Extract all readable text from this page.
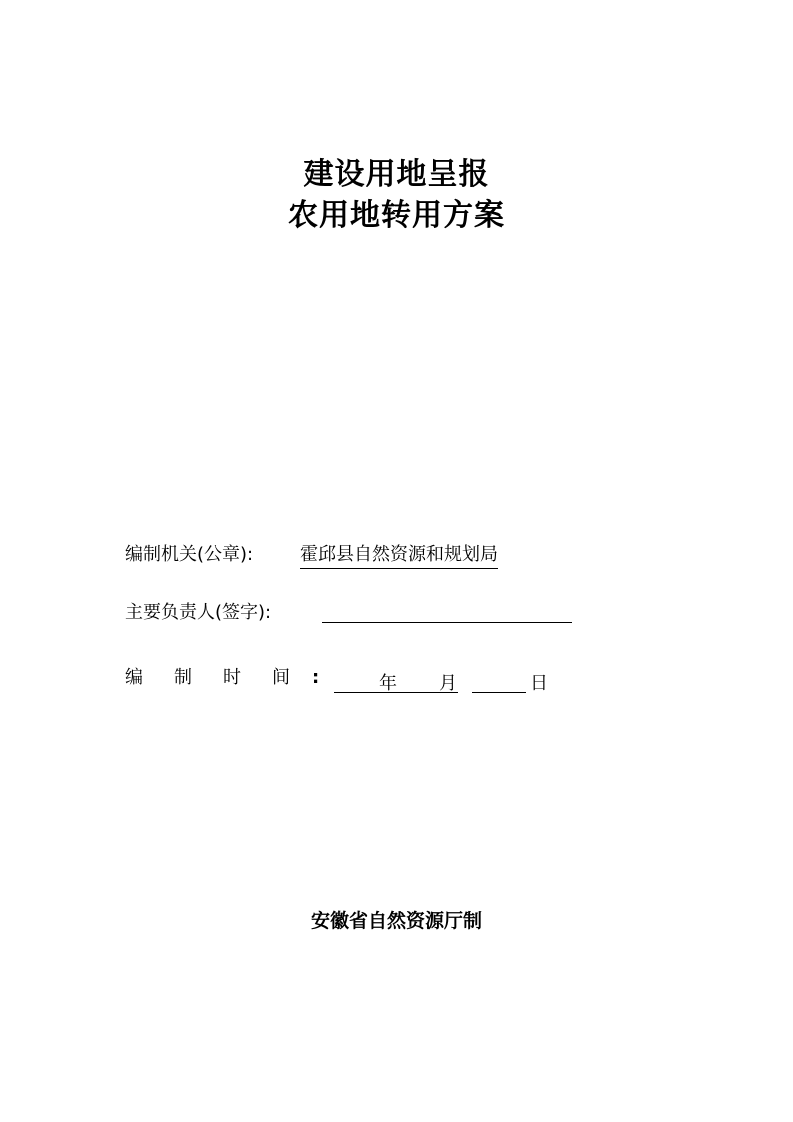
建设用地呈报
农用地转用方案
编制机关(公章):	霍邱县自然资源和规划局
主要负责人(签字):
编 制 时 间 :	年 月	日
安徽省自然资源厅制
